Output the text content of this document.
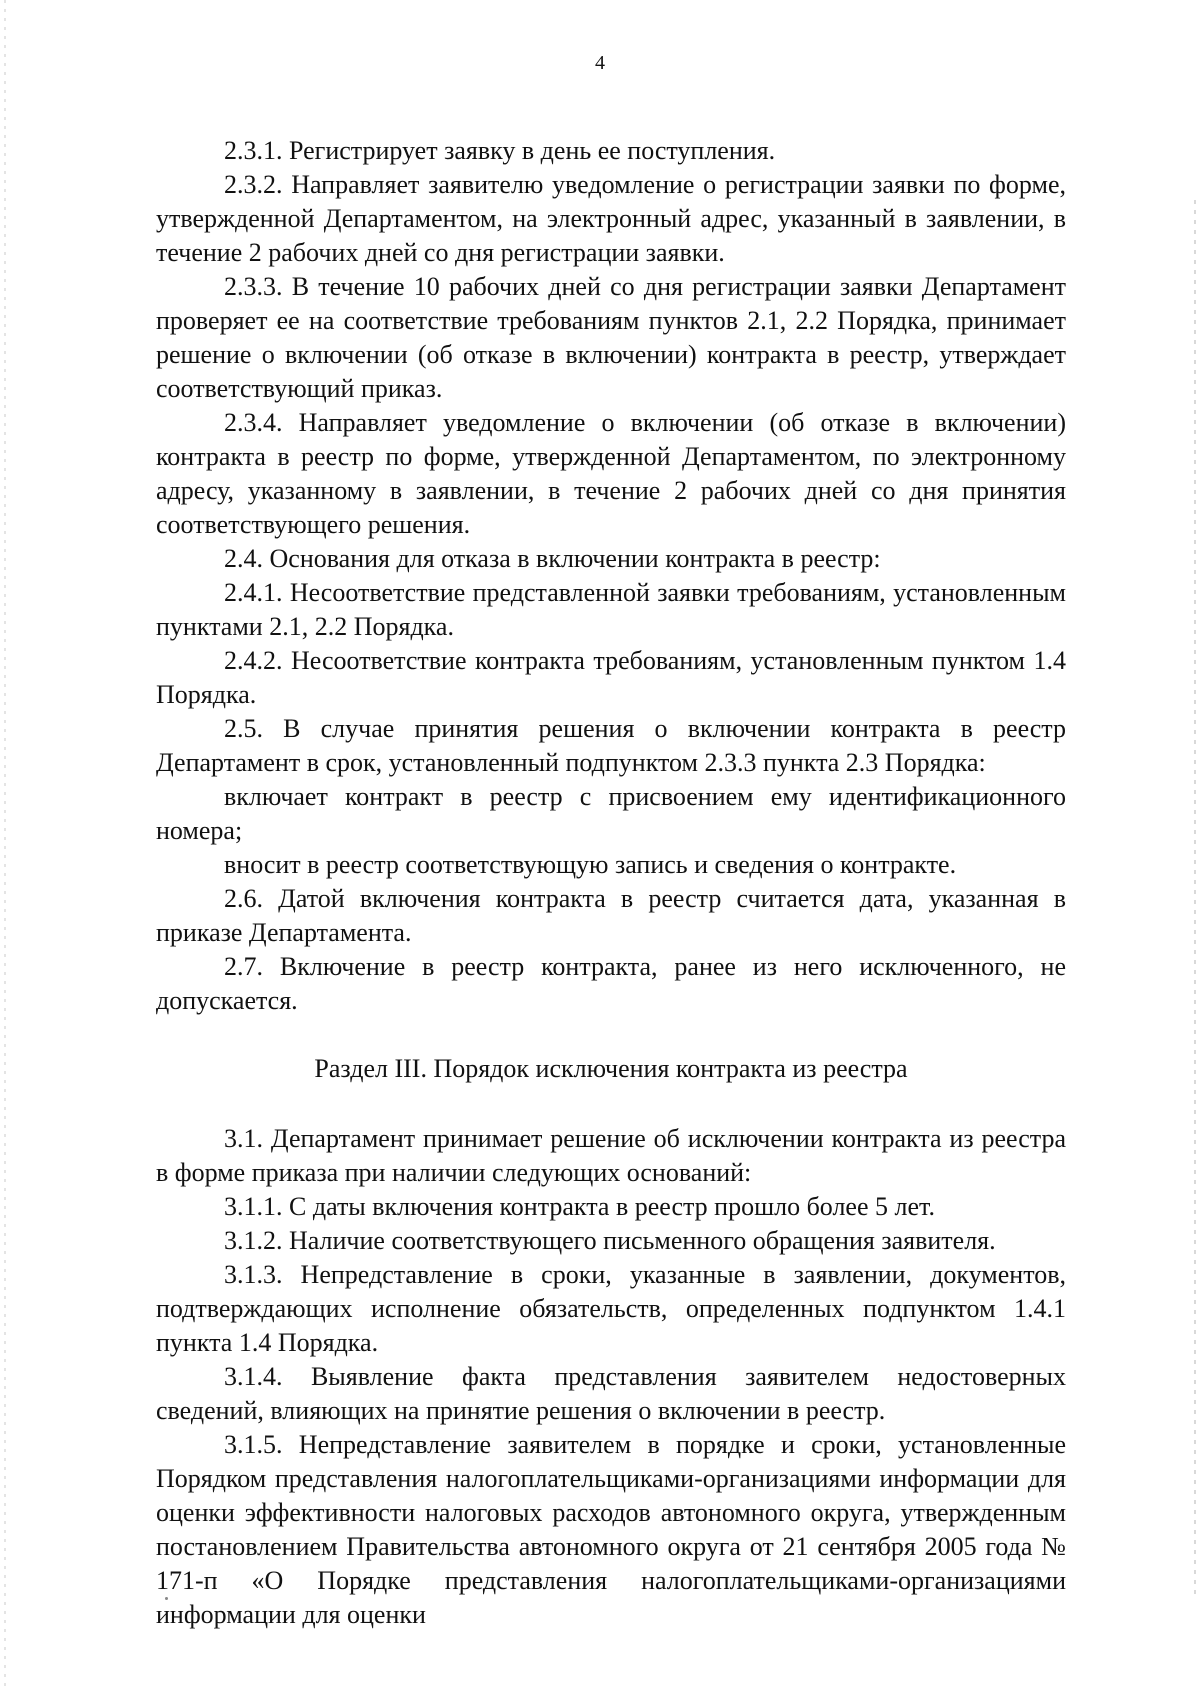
4

2.3.1. Регистрирует заявку в день ее поступления.

2.3.2. Направляет заявителю уведомление о регистрации заявки по форме, утвержденной Департаментом, на электронный адрес, указанный в заявлении, в течение 2 рабочих дней со дня регистрации заявки.

2.3.3. В течение 10 рабочих дней со дня регистрации заявки Департамент проверяет ее на соответствие требованиям пунктов 2.1, 2.2 Порядка, принимает решение о включении (об отказе в включении) контракта в реестр, утверждает соответствующий приказ.

2.3.4. Направляет уведомление о включении (об отказе в включении) контракта в реестр по форме, утвержденной Департаментом, по электронному адресу, указанному в заявлении, в течение 2 рабочих дней со дня принятия соответствующего решения.

2.4. Основания для отказа в включении контракта в реестр:

2.4.1. Несоответствие представленной заявки требованиям, установленным пунктами 2.1, 2.2 Порядка.

2.4.2. Несоответствие контракта требованиям, установленным пунктом 1.4 Порядка.

2.5. В случае принятия решения о включении контракта в реестр Департамент в срок, установленный подпунктом 2.3.3 пункта 2.3 Порядка:

включает контракт в реестр с присвоением ему идентификационного номера;

вносит в реестр соответствующую запись и сведения о контракте.

2.6. Датой включения контракта в реестр считается дата, указанная в приказе Департамента.

2.7. Включение в реестр контракта, ранее из него исключенного, не допускается.

Раздел III. Порядок исключения контракта из реестра

3.1. Департамент принимает решение об исключении контракта из реестра в форме приказа при наличии следующих оснований:

3.1.1. С даты включения контракта в реестр прошло более 5 лет.

3.1.2. Наличие соответствующего письменного обращения заявителя.

3.1.3. Непредставление в сроки, указанные в заявлении, документов, подтверждающих исполнение обязательств, определенных подпунктом 1.4.1 пункта 1.4 Порядка.

3.1.4. Выявление факта представления заявителем недостоверных сведений, влияющих на принятие решения о включении в реестр.

3.1.5. Непредставление заявителем в порядке и сроки, установленные Порядком представления налогоплательщиками-организациями информации для оценки эффективности налоговых расходов автономного округа, утвержденным постановлением Правительства автономного округа от 21 сентября 2005 года № 171-п «О Порядке представления налогоплательщиками-организациями информации для оценки
